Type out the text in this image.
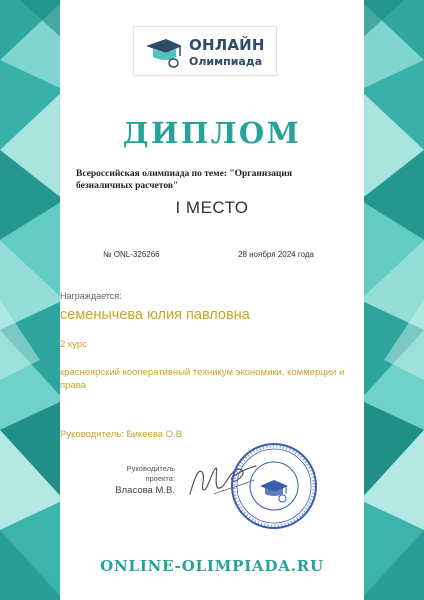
ОНЛАЙН
Олимпиада
ДИПЛОМ
Всероссийская олимпиада по теме: "Организация безналичных расчетов"
I МЕСТО
№ ONL-326266	28 ноября 2024 года
Награждается:
семенычева юлия павловна
2 курс
красноярский кооперативный техникум экономики, коммерции и права
Руководитель: Бикеева О.В
Руководитель проекта:
Власова М.В.
ONLINE-OLIMPIADA.RU
